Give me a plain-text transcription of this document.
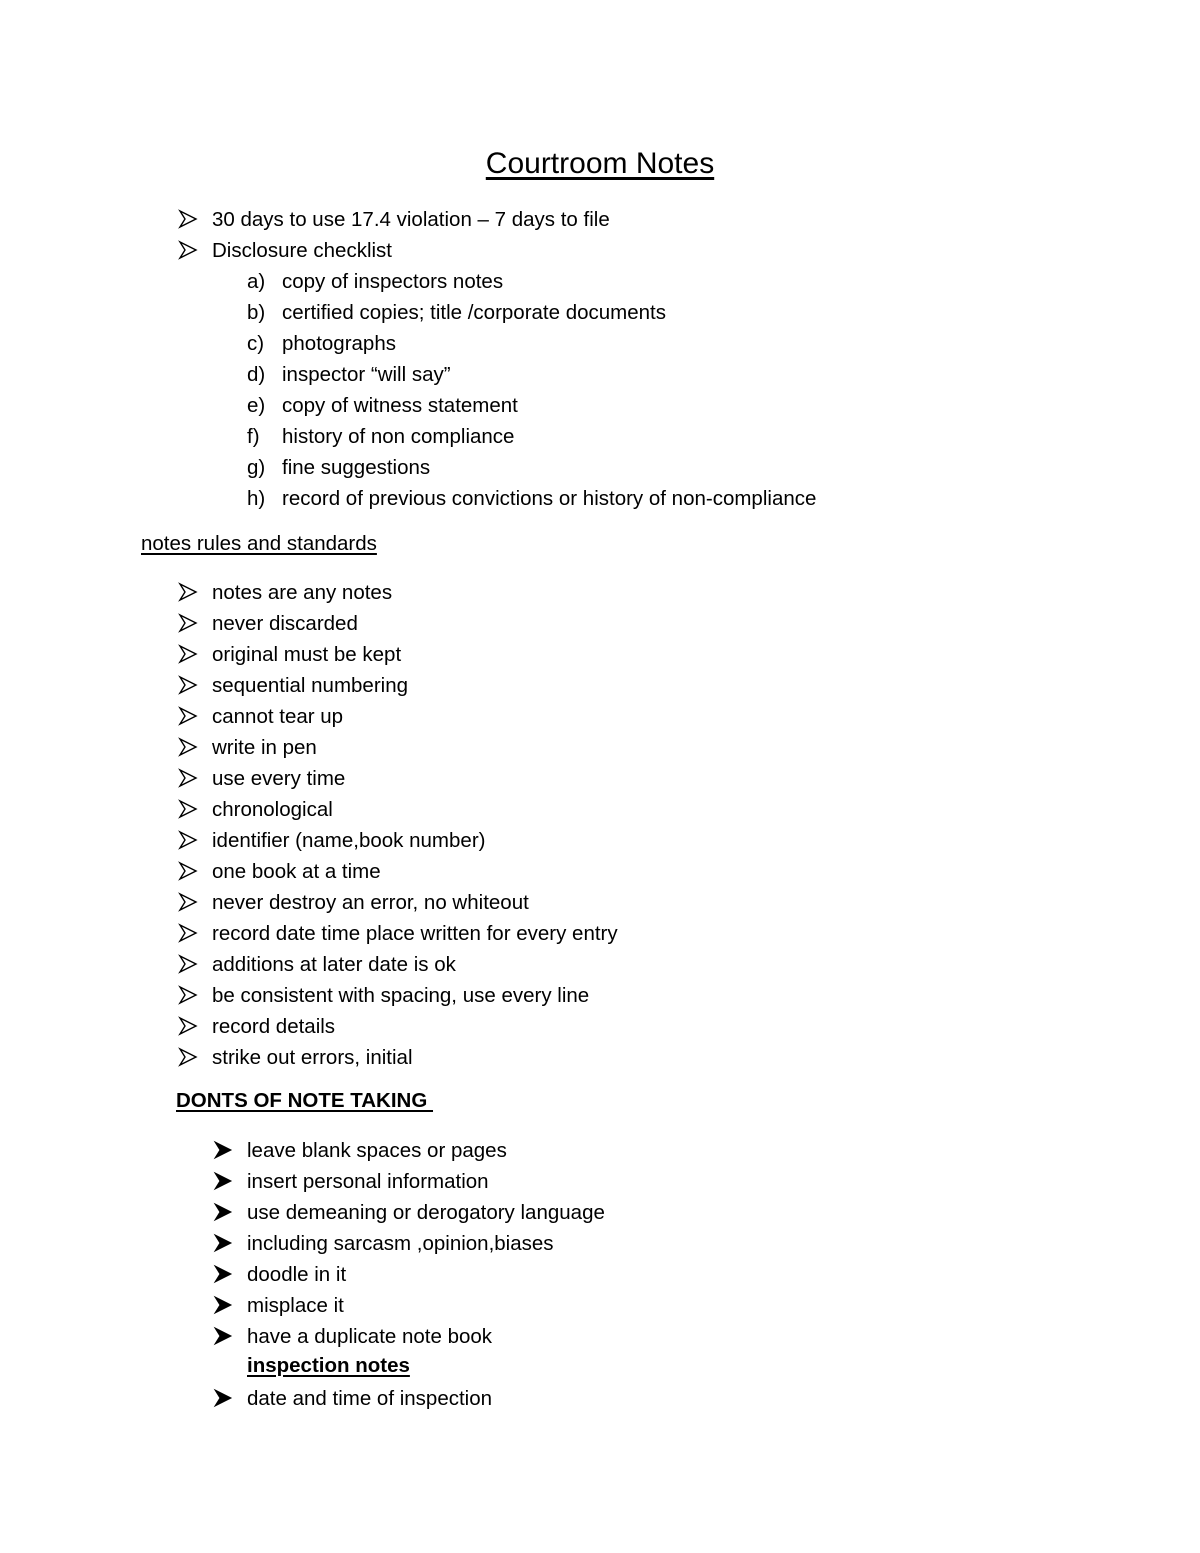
Courtroom Notes
30 days to use 17.4 violation – 7 days to file
Disclosure checklist
a) copy of inspectors notes
b) certified copies; title /corporate documents
c) photographs
d) inspector “will say”
e) copy of witness statement
f) history of non compliance
g) fine suggestions
h) record of previous convictions or history of non-compliance
notes rules and standards
notes are any notes
never discarded
original must be kept
sequential numbering
cannot tear up
write in pen
use every time
chronological
identifier (name,book number)
one book at a time
never destroy an error, no whiteout
record date time place written for every entry
additions at later date is ok
be consistent with spacing, use every line
record details
strike out errors, initial
DONTS OF NOTE TAKING
leave blank spaces or pages
insert personal information
use demeaning or derogatory language
including sarcasm ,opinion,biases
doodle in it
misplace it
have a duplicate note book
inspection notes
date and time of inspection
